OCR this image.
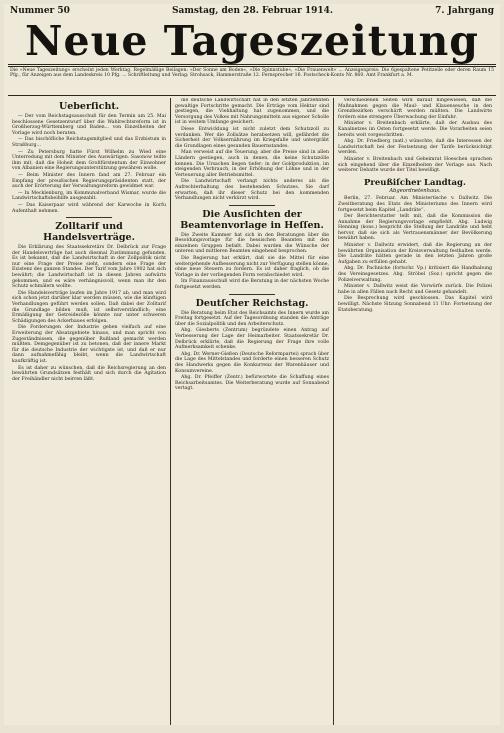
Nummer 50	Samstag, den 28. Februar 1914.	7. Jahrgang
Neue Tageszeitung
Die »Neue Tageszeitung« erscheint jeden Werktag. Regelmäßige Beilagen: »Der Sonne am Boden«, »Die Spinnstube«, »Die Frauenwelt« ... Anzeigenpreis: Die 6gespaltene Petitzeile oder deren Raum 15 Pfg., für Anzeigen aus dem Landeskreis 10 Pfg. ... Schriftleitung und Verlag: Strohsack, Hammerstraße 12. Fernsprecher 16. Postscheck-Konto Nr. 860. Amt Frankfurt a. M.
Ueberſicht.

— Der vom Reichstagsausschuß für den Termin am 25. Mai beschlossene Gesetzentwurf über die Wahlrechtsreform ist in Großherzog-Württemberg und Baden... von Einzelheiten der Vorlage wird noch beraten.

— Das bischöfliche Reichstagsmitglied und das Erzbistum in Straßburg...

— Zu Petersburg hatte Fürst Wilhelm zu Wied eine Unterredung mit dem Minister des Auswärtigen. Sasonow teilte ihm mit, daß die Hoheit dem Großfürstentum der Einwohner von Albanien eine Regierungsunterstützung gewähren wolle.

— Beim Minister des Innern fand am 27. Februar ein Empfang der preußischen Regierungspräsidenten statt, der auch der Erörterung der Verwaltungsreform gewidmet war.

— In Mecklenburg, im Kommunalverband Wismar, wurde die Landwirtschaftsbeihilfe ausgezahlt.

— Das Kaiserpaar wird während der Karwoche in Korfu Aufenthalt nehmen.

Zolltarif und Handelsverträge.

Die Erklärung des Staatssekretärs Dr. Delbrück zur Frage der Handelsverträge hat auch diesmal Zustimmung gefunden. Es ist bekannt, daß die Landwirtschaft in der Zollpolitik nicht nur eine Frage der Preise sieht, sondern eine Frage der Existenz des ganzen Standes. Der Tarif vom Jahre 1902 hat sich bewährt; die Landwirtschaft ist in diesen Jahren aufwärts gekommen, und es wäre verhängnisvoll, wenn man ihr den Schutz schmälern wollte.

Die Handelsverträge laufen im Jahre 1917 ab, und man wird sich schon jetzt darüber klar werden müssen, wie die künftigen Verhandlungen geführt werden sollen. Daß dabei der Zolltarif die Grundlage bilden muß, ist selbstverständlich; eine Ermäßigung der Getreidezölle könnte nur unter schweren Schädigungen des Ackerbaues erfolgen.

Die Forderungen der Industrie gehen vielfach auf eine Erweiterung der Absatzgebiete hinaus, und man spricht von Zugeständnissen, die gegenüber Rußland gemacht werden müßten. Demgegenüber ist zu betonen, daß der innere Markt für die deutsche Industrie der wichtigste ist, und daß er nur dann aufnahmefähig bleibt, wenn die Landwirtschaft kaufkräftig ist.

Es ist daher zu wünschen, daß die Reichsregierung an den bewährten Grundsätzen festhält und sich durch die Agitation der Freihändler nicht beirren läßt.

die deutsche Landwirtschaft hat in den letzten Jahrzehnten gewaltige Fortschritte gemacht. Die Erträge vom Hektar sind gestiegen, die Viehhaltung hat zugenommen, und die Versorgung des Volkes mit Nahrungsmitteln aus eigener Scholle ist in weitem Umfange gesichert.

Diese Entwicklung ist nicht zuletzt dem Schutzzoll zu verdanken. Wer die Zollsätze herabsetzen will, gefährdet die Sicherheit der Volksernährung im Kriegsfalle und untergräbt die Grundlagen eines gesunden Bauernstandes.

Man verweist auf die Teuerung; aber die Preise sind in allen Ländern gestiegen, auch in denen, die keine Schutzzölle kennen. Die Ursachen liegen tiefer: in der Goldproduktion, im steigenden Verbrauch, in der Erhöhung der Löhne und in der Verteuerung aller Betriebsmittel.

Die Landwirtschaft verlangt nichts anderes als die Aufrechterhaltung des bestehenden Schutzes. Sie darf erwarten, daß ihr dieser Schutz bei den kommenden Verhandlungen nicht verkürzt wird.

Die Ausſichten der Beamtenvorlage in Heſſen.

Die Zweite Kammer hat sich in den Beratungen über die Besoldungsvorlage für die hessischen Beamten mit den einzelnen Gruppen befaßt. Dabei wurden die Wünsche der unteren und mittleren Beamten eingehend besprochen.

Die Regierung hat erklärt, daß sie die Mittel für eine weitergehende Aufbesserung nicht zur Verfügung stellen könne, ohne neue Steuern zu fordern. Es ist daher fraglich, ob die Vorlage in der vorliegenden Form verabschiedet wird.

Im Finanzausschuß wird die Beratung in der nächsten Woche fortgesetzt werden.

Deutſcher Reichstag.

Die Beratung beim Etat des Reichsamts des Innern wurde am Freitag fortgesetzt. Auf der Tagesordnung standen die Anträge über die Sozialpolitik und den Arbeiterschutz.

Abg. Giesberts (Zentrum) begründete einen Antrag auf Verbesserung der Lage der Heimarbeiter. Staatssekretär Dr. Delbrück erklärte, daß die Regierung der Frage ihre volle Aufmerksamkeit schenke.

Abg. Dr. Werner-Gießen (Deutsche Reformpartei) sprach über die Lage des Mittelstandes und forderte einen besseren Schutz des Handwerks gegen die Konkurrenz der Warenhäuser und Konsumvereine.

Abg. Dr. Pfeiffer (Zentr.) befürwortete die Schaffung eines Reichsarbeitsamtes. Die Weiterberatung wurde auf Sonnabend vertagt.

verschiedenen Seiten wird darauf hingewiesen, daß die Maßnahmen gegen die Maul- und Klauenseuche in den Grenzbezirken verschärft werden müßten. Die Landwirte fordern eine strengere Überwachung der Einfuhr.

Minister v. Breitenbach erklärte, daß der Ausbau des Kanalnetzes im Osten fortgesetzt werde. Die Vorarbeiten seien bereits weit vorgeschritten.

Abg. Dr. Friedberg (natl.) wünschte, daß die Interessen der Landwirtschaft bei der Festsetzung der Tarife berücksichtigt werden.

Minister v. Breitenbach und Geheimrat Hoeschen sprachen sich eingehend über die Einzelheiten der Vorlage aus. Nach weiterer Debatte wurde der Titel bewilligt.

Preußiſcher Landtag.
Abgeordnetenhaus.

Berlin, 27. Februar. Am Ministertische v. Dallwitz. Die Zweitberatung des Etats des Ministeriums des Innern wird fortgesetzt beim Kapitel „Landräte“.

Der Berichterstatter teilt mit, daß die Kommission die Annahme der Regierungsvorlage empfiehlt. Abg. Ludwig Henning (kons.) bespricht die Stellung der Landräte und hebt hervor, daß sie sich als Vertrauensmänner der Bevölkerung bewährt haben.

Minister v. Dallwitz erwidert, daß die Regierung an der bewährten Organisation der Kreisverwaltung festhalten werde. Die Landräte hätten gerade in den letzten Jahren große Aufgaben zu erfüllen gehabt.

Abg. Dr. Pachnicke (fortschr. Vp.) kritisiert die Handhabung des Vereinsgesetzes. Abg. Ströbel (Soz.) spricht gegen die Polizeiverwaltung.

Minister v. Dallwitz weist die Vorwürfe zurück. Die Polizei habe in allen Fällen nach Recht und Gesetz gehandelt.

Die Besprechung wird geschlossen. Das Kapitel wird bewilligt. Nächste Sitzung Sonnabend 11 Uhr: Fortsetzung der Etatsberatung.
